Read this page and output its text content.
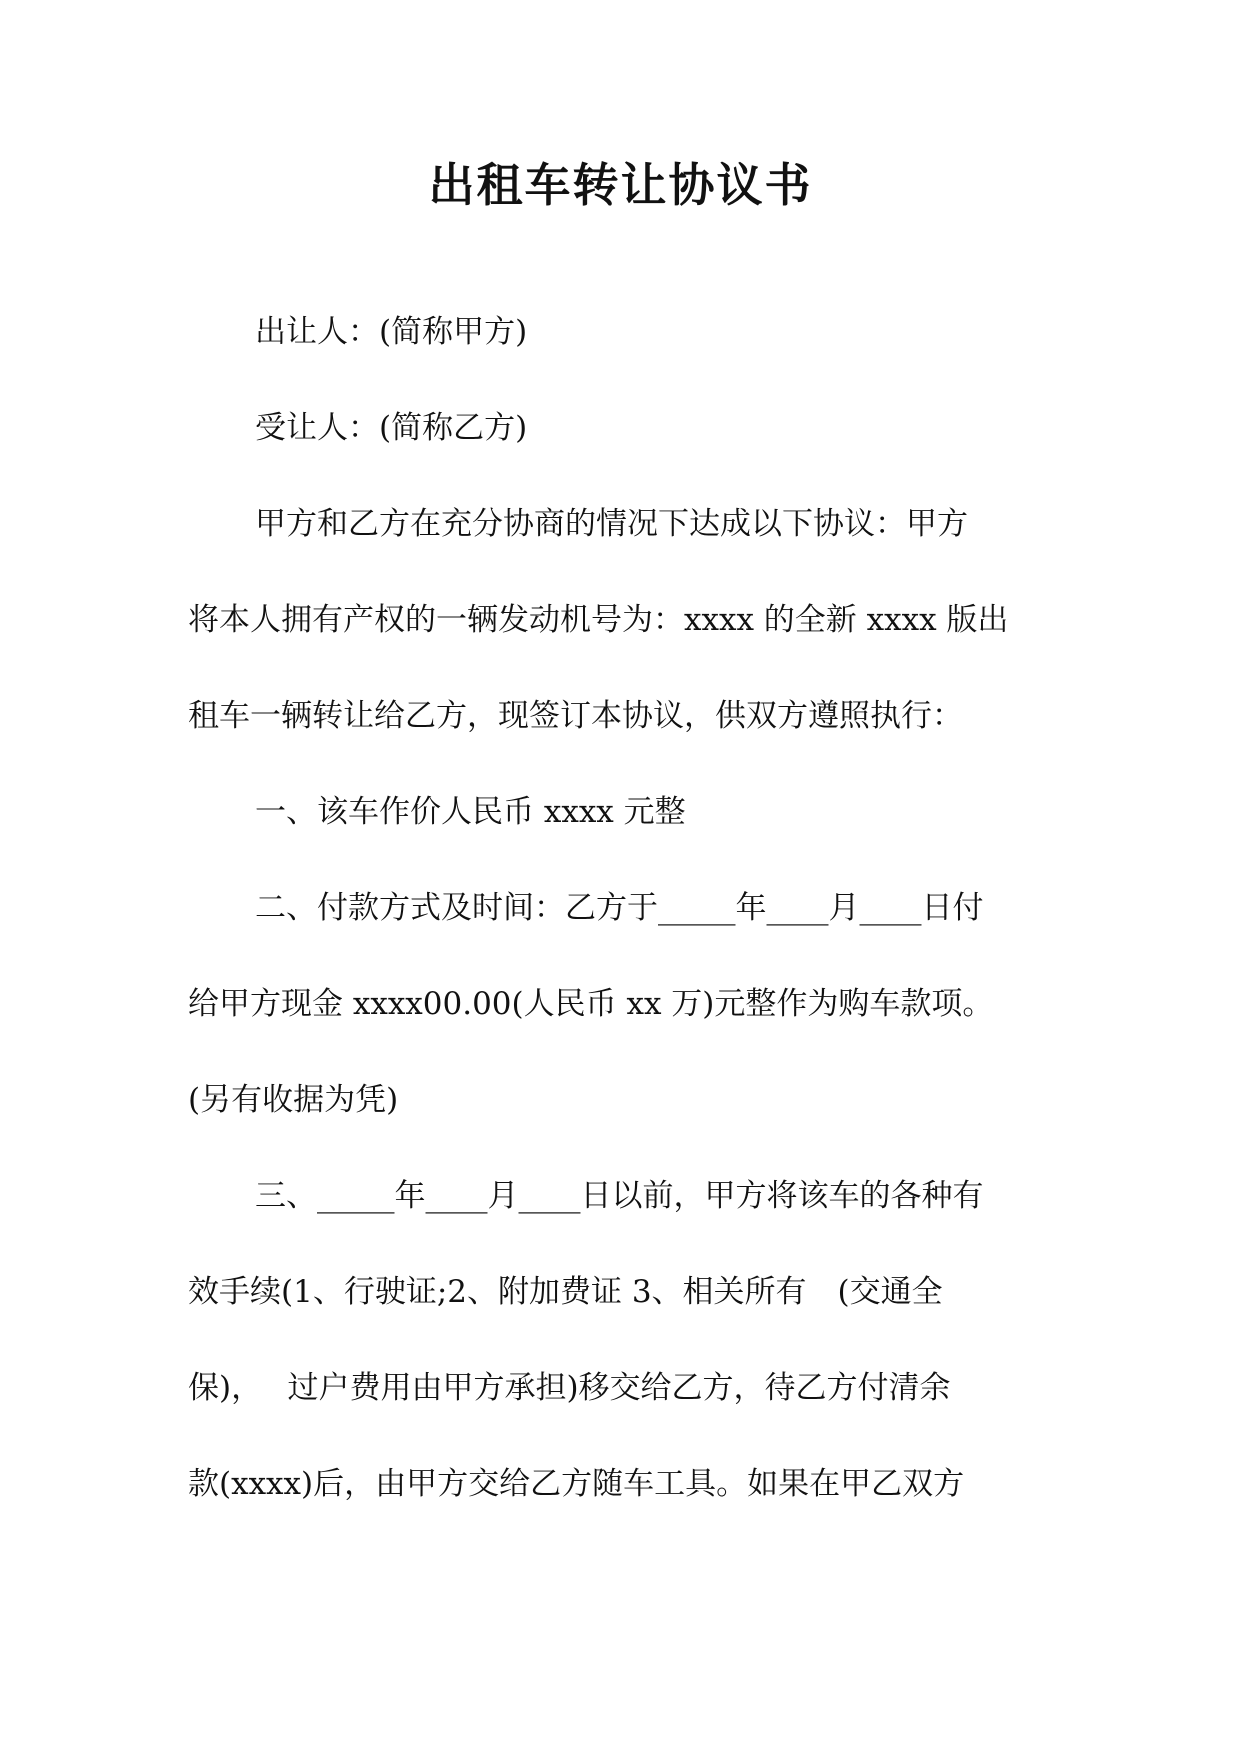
出租车转让协议书

出让人：(简称甲方)

受让人：(简称乙方)

甲方和乙方在充分协商的情况下达成以下协议：甲方

将本人拥有产权的一辆发动机号为：xxxx 的全新 xxxx 版出

租车一辆转让给乙方，现签订本协议，供双方遵照执行：

一、该车作价人民币 xxxx 元整

二、付款方式及时间：乙方于_____年____月____日付

给甲方现金 xxxx00.00(人民币 xx 万)元整作为购车款项。

(另有收据为凭)

三、_____年____月____日以前，甲方将该车的各种有

效手续(1、行驶证;2、附加费证 3、相关所有　(交通全

保)，　 过户费用由甲方承担)移交给乙方，待乙方付清余

款(xxxx)后，由甲方交给乙方随车工具。如果在甲乙双方
